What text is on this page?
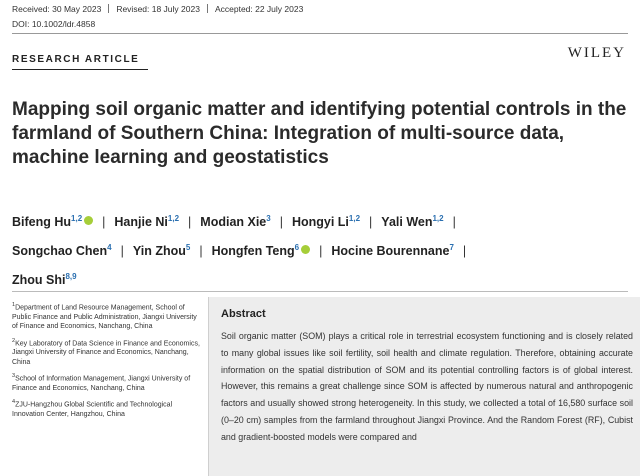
Received: 30 May 2023 Revised: 18 July 2023 Accepted: 22 July 2023
DOI: 10.1002/ldr.4858
RESEARCH ARTICLE	WILEY
Mapping soil organic matter and identifying potential controls in the farmland of Southern China: Integration of multi-source data, machine learning and geostatistics
Bifeng Hu$^{1,2}$ | Hanjie Ni$^{1,2}$ | Modian Xie$^3$ | Hongyi Li$^{1,2}$ | Yali Wen$^{1,2}$ |
Songchao Chen$^4$ | Yin Zhou$^5$ | Hongfen Teng$^6$ | Hocine Bourennane$^7$ |
Zhou Shi$^{8,9}$
$^1$Department of Land Resource Management, School of Public Finance and Public Administration, Jiangxi University of Finance and Economics, Nanchang, China
$^2$Key Laboratory of Data Science in Finance and Economics, Jiangxi University of Finance and Economics, Nanchang, China
$^3$School of Information Management, Jiangxi University of Finance and Economics, Nanchang, China
$^4$ZJU-Hangzhou Global Scientific and Technological Innovation Center, Hangzhou, China
Abstract

Soil organic matter (SOM) plays a critical role in terrestrial ecosystem functioning and is closely related to many global issues like soil fertility, soil health and climate regulation. Therefore, obtaining accurate information on the spatial distribution of SOM and its potential controlling factors is of global interest. However, this remains a great challenge since SOM is affected by numerous natural and anthropogenic factors and usually showed strong heterogeneity. In this study, we collected a total of 16,580 surface soil (0–20 cm) samples from the farmland throughout Jiangxi Province. And the Random Forest (RF), Cubist and gradient-boosted models were compared and
